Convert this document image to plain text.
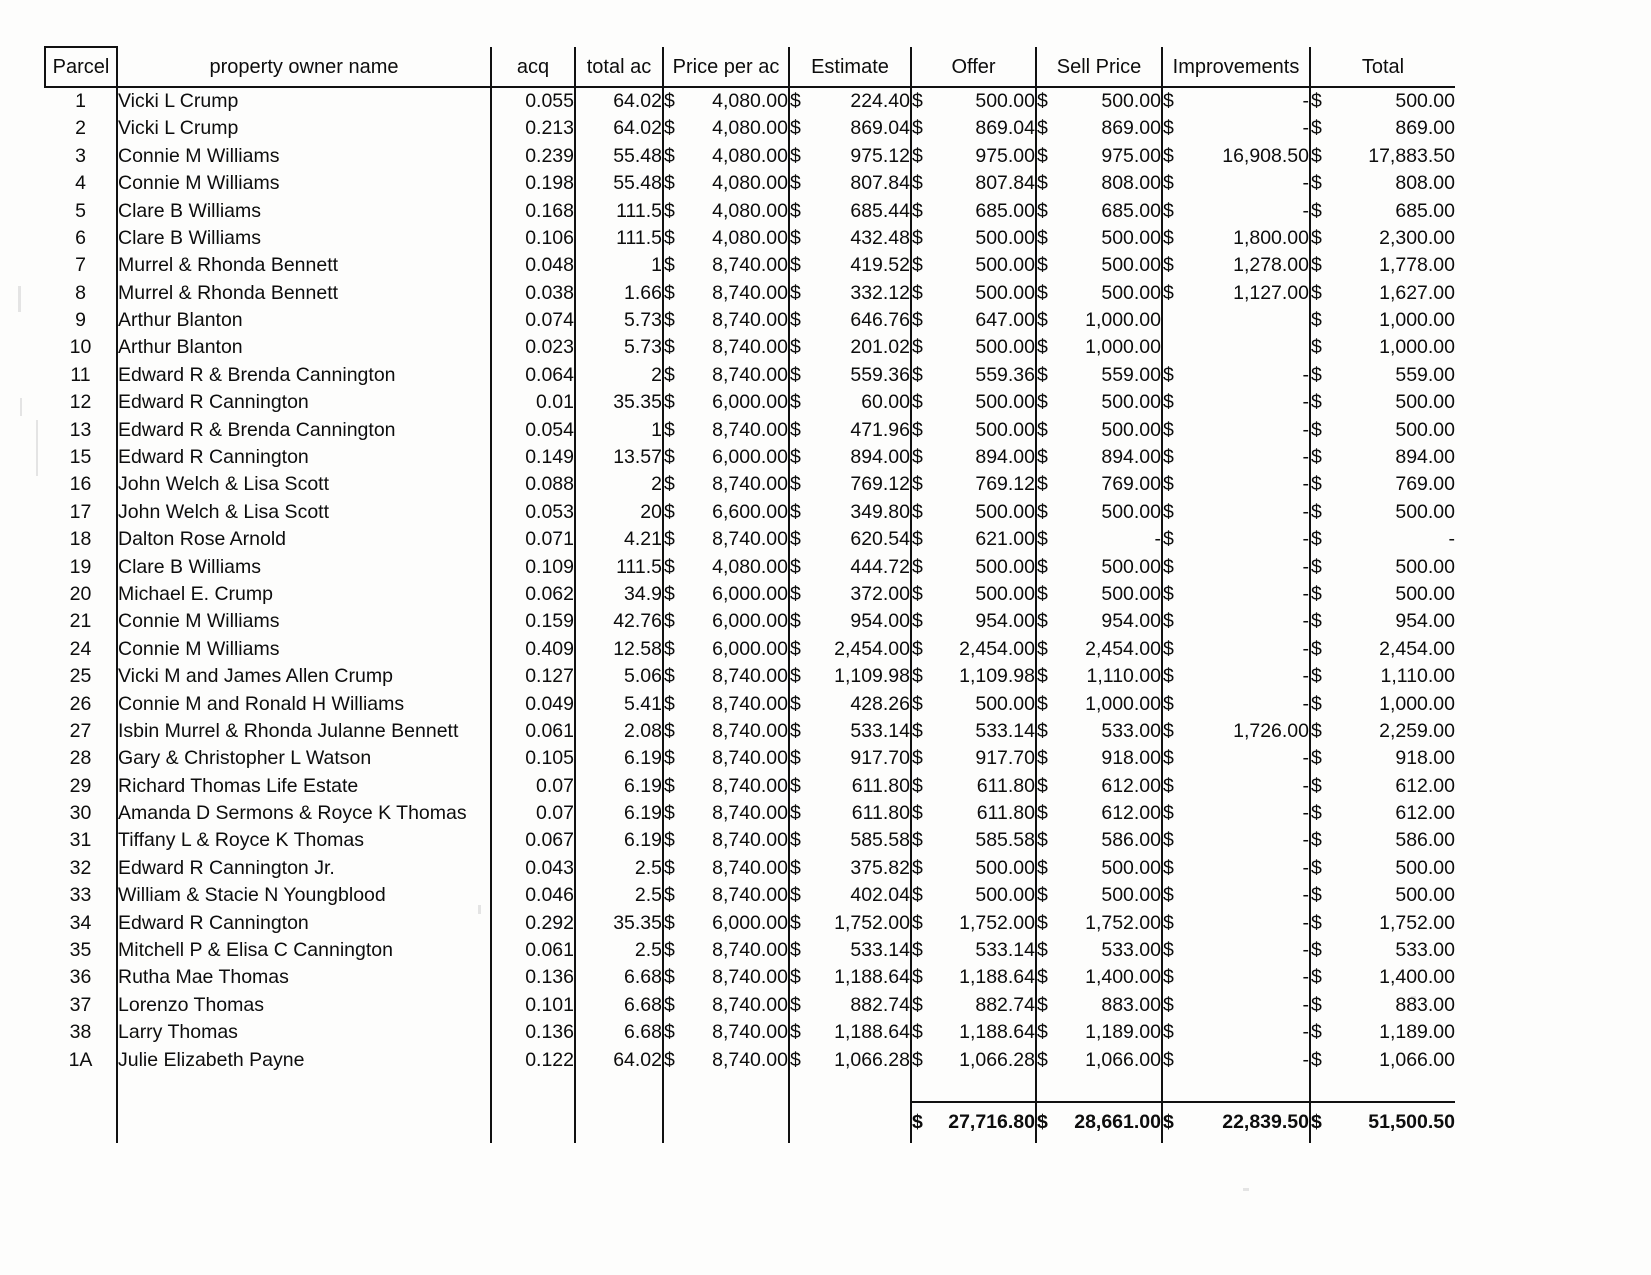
Parcel	property owner name	acq	total ac	Price per ac	Estimate	Offer	Sell Price	Improvements	Total
1	Vicki L Crump	0.055	64.02	$ 4,080.00	$ 224.40	$ 500.00	$ 500.00	$ -	$ 500.00

2	Vicki L Crump	0.213	64.02	$ 4,080.00	$ 869.04	$ 869.04	$ 869.00	$ -	$ 869.00

3	Connie M Williams	0.239	55.48	$ 4,080.00	$ 975.12	$ 975.00	$ 975.00	$ 16,908.50	$ 17,883.50

4	Connie M Williams	0.198	55.48	$ 4,080.00	$ 807.84	$ 807.84	$ 808.00	$ -	$ 808.00

5	Clare B Williams	0.168	111.5	$ 4,080.00	$ 685.44	$ 685.00	$ 685.00	$ -	$ 685.00

6	Clare B Williams	0.106	111.5	$ 4,080.00	$ 432.48	$ 500.00	$ 500.00	$ 1,800.00	$ 2,300.00

7	Murrel & Rhonda Bennett	0.048	1	$ 8,740.00	$ 419.52	$ 500.00	$ 500.00	$ 1,278.00	$ 1,778.00

8	Murrel & Rhonda Bennett	0.038	1.66	$ 8,740.00	$ 332.12	$ 500.00	$ 500.00	$ 1,127.00	$ 1,627.00

9	Arthur Blanton	0.074	5.73	$ 8,740.00	$ 646.76	$ 647.00	$ 1,000.00		$ 1,000.00

10	Arthur Blanton	0.023	5.73	$ 8,740.00	$ 201.02	$ 500.00	$ 1,000.00		$ 1,000.00

11	Edward R & Brenda Cannington	0.064	2	$ 8,740.00	$ 559.36	$ 559.36	$ 559.00	$ -	$ 559.00

12	Edward R Cannington	0.01	35.35	$ 6,000.00	$ 60.00	$ 500.00	$ 500.00	$ -	$ 500.00

13	Edward R & Brenda Cannington	0.054	1	$ 8,740.00	$ 471.96	$ 500.00	$ 500.00	$ -	$ 500.00

15	Edward R Cannington	0.149	13.57	$ 6,000.00	$ 894.00	$ 894.00	$ 894.00	$ -	$ 894.00

16	John Welch & Lisa Scott	0.088	2	$ 8,740.00	$ 769.12	$ 769.12	$ 769.00	$ -	$ 769.00

17	John Welch & Lisa Scott	0.053	20	$ 6,600.00	$ 349.80	$ 500.00	$ 500.00	$ -	$ 500.00

18	Dalton Rose Arnold	0.071	4.21	$ 8,740.00	$ 620.54	$ 621.00	$ -	$ -	$ -

19	Clare B Williams	0.109	111.5	$ 4,080.00	$ 444.72	$ 500.00	$ 500.00	$ -	$ 500.00

20	Michael E. Crump	0.062	34.9	$ 6,000.00	$ 372.00	$ 500.00	$ 500.00	$ -	$ 500.00

21	Connie M Williams	0.159	42.76	$ 6,000.00	$ 954.00	$ 954.00	$ 954.00	$ -	$ 954.00

24	Connie M Williams	0.409	12.58	$ 6,000.00	$ 2,454.00	$ 2,454.00	$ 2,454.00	$ -	$ 2,454.00

25	Vicki M and James Allen Crump	0.127	5.06	$ 8,740.00	$ 1,109.98	$ 1,109.98	$ 1,110.00	$ -	$ 1,110.00

26	Connie M and Ronald H Williams	0.049	5.41	$ 8,740.00	$ 428.26	$ 500.00	$ 1,000.00	$ -	$ 1,000.00

27	Isbin Murrel & Rhonda Julanne Bennett	0.061	2.08	$ 8,740.00	$ 533.14	$ 533.14	$ 533.00	$ 1,726.00	$ 2,259.00

28	Gary & Christopher L Watson	0.105	6.19	$ 8,740.00	$ 917.70	$ 917.70	$ 918.00	$ -	$ 918.00

29	Richard Thomas Life Estate	0.07	6.19	$ 8,740.00	$ 611.80	$ 611.80	$ 612.00	$ -	$ 612.00

30	Amanda D Sermons & Royce K Thomas	0.07	6.19	$ 8,740.00	$ 611.80	$ 611.80	$ 612.00	$ -	$ 612.00

31	Tiffany L & Royce K Thomas	0.067	6.19	$ 8,740.00	$ 585.58	$ 585.58	$ 586.00	$ -	$ 586.00

32	Edward R Cannington Jr.	0.043	2.5	$ 8,740.00	$ 375.82	$ 500.00	$ 500.00	$ -	$ 500.00

33	William & Stacie N Youngblood	0.046	2.5	$ 8,740.00	$ 402.04	$ 500.00	$ 500.00	$ -	$ 500.00

34	Edward R Cannington	0.292	35.35	$ 6,000.00	$ 1,752.00	$ 1,752.00	$ 1,752.00	$ -	$ 1,752.00

35	Mitchell P & Elisa C Cannington	0.061	2.5	$ 8,740.00	$ 533.14	$ 533.14	$ 533.00	$ -	$ 533.00

36	Rutha Mae Thomas	0.136	6.68	$ 8,740.00	$ 1,188.64	$ 1,188.64	$ 1,400.00	$ -	$ 1,400.00

37	Lorenzo Thomas	0.101	6.68	$ 8,740.00	$ 882.74	$ 882.74	$ 883.00	$ -	$ 883.00

38	Larry Thomas	0.136	6.68	$ 8,740.00	$ 1,188.64	$ 1,188.64	$ 1,189.00	$ -	$ 1,189.00

1A	Julie Elizabeth Payne	0.122	64.02	$ 8,740.00	$ 1,066.28	$ 1,066.28	$ 1,066.00	$ -	$ 1,066.00

						$ 27,716.80	$ 28,661.00	$ 22,839.50	$ 51,500.50
